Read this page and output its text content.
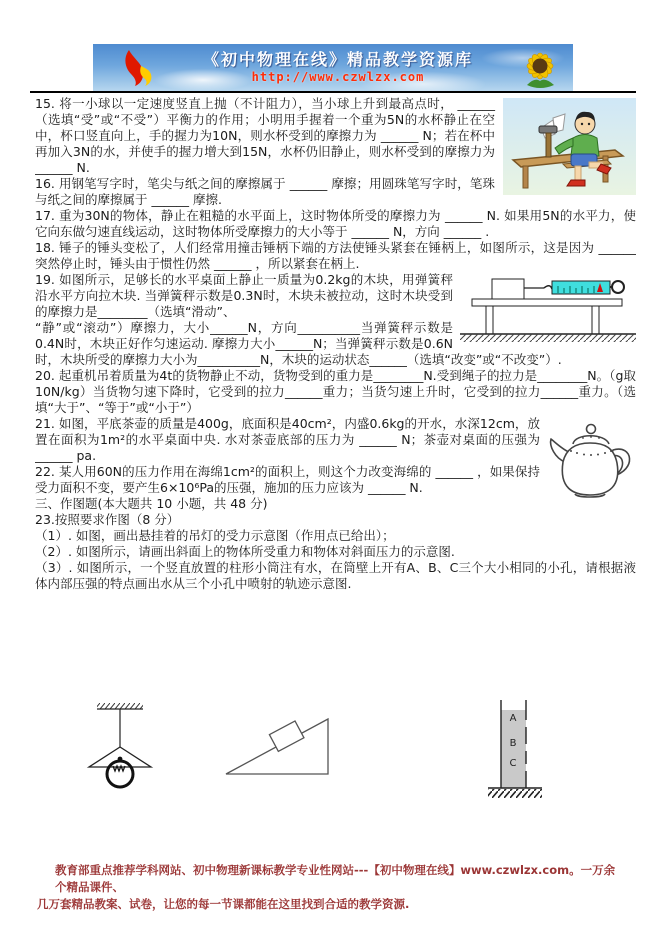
《初中物理在线》精品教学资源库
http://www.czwlzx.com

15. 将一小球以一定速度竖直上抛（不计阻力），当小球上升到最高点时， ______ （选填“受”或“不受”）平衡力的作用；小明用手握着一个重为5N的水杯静止在空中，杯口竖直向上，手的握力为10N，则水杯受到的摩擦力为 ______ N；若在杯中再加入3N的水，并使手的握力增大到15N，水杯仍旧静止，则水杯受到的摩擦力为 ______ N.

16. 用钢笔写字时，笔尖与纸之间的摩擦属于 ______ 摩擦；用圆珠笔写字时，笔珠与纸之间的摩擦属于 ______ 摩擦.

17. 重为30N的物体，静止在粗糙的水平面上，这时物体所受的摩擦力为 ______ N. 如果用5N的水平力，使它向东做匀速直线运动，这时物体所受摩擦力的大小等于 ______ N，方向 ______ .

18. 锤子的锤头变松了，人们经常用撞击锤柄下端的方法使锤头紧套在锤柄上，如图所示，这是因为 ______ 突然停止时，锤头由于惯性仍然 ______ ，所以紧套在柄上.

19. 如图所示，足够长的水平桌面上静止一质量为0.2kg的木块，用弹簧秤沿水平方向拉木块. 当弹簧秤示数是0.3N时，木块未被拉动，这时木块受到的摩擦力是________（选填“滑动”、

“静”或“滚动”）摩擦力，大小______N，方向__________当弹簧秤示数是0.4N时，木块正好作匀速运动. 摩擦力大小______N；当弹簧秤示数是0.6N时，木块所受的摩擦力大小为__________N，木块的运动状态______（选填“改变”或“不改变”）.

20. 起重机吊着质量为4t的货物静止不动，货物受到的重力是________N.受到绳子的拉力是________N。（g取10N/kg）当货物匀速下降时，它受到的拉力______重力；当货匀速上升时，它受到的拉力______重力。（选填“大于”、“等于”或“小于”）

21. 如图，平底茶壶的质量是400g，底面积是40cm²，内盛0.6kg的开水，水深12cm，放置在面积为1m²的水平桌面中央. 水对茶壶底部的压力为 ______ N；茶壶对桌面的压强为______ pa.

22. 某人用60N的压力作用在海绵1cm²的面积上，则这个力改变海绵的 ______ ，如果保持受力面积不变，要产生6×10⁶Pa的压强，施加的压力应该为 ______ N.

三、作图题(本大题共 10 小题，共 48 分)

23.按照要求作图（8 分）

（1）. 如图，画出悬挂着的吊灯的受力示意图（作用点已给出）；

（2）. 如图所示，请画出斜面上的物体所受重力和物体对斜面压力的示意图.

（3）. 如图所示，一个竖直放置的柱形小筒注有水，在筒壁上开有A、B、C三个大小相同的小孔，请根据液体内部压强的特点画出水从三个小孔中喷射的轨迹示意图.

A
B
C
教育部重点推荐学科网站、初中物理新课标教学专业性网站---【初中物理在线】www.czwlzx.com。一万余个精品课件、
几万套精品教案、试卷，让您的每一节课都能在这里找到合适的教学资源.
